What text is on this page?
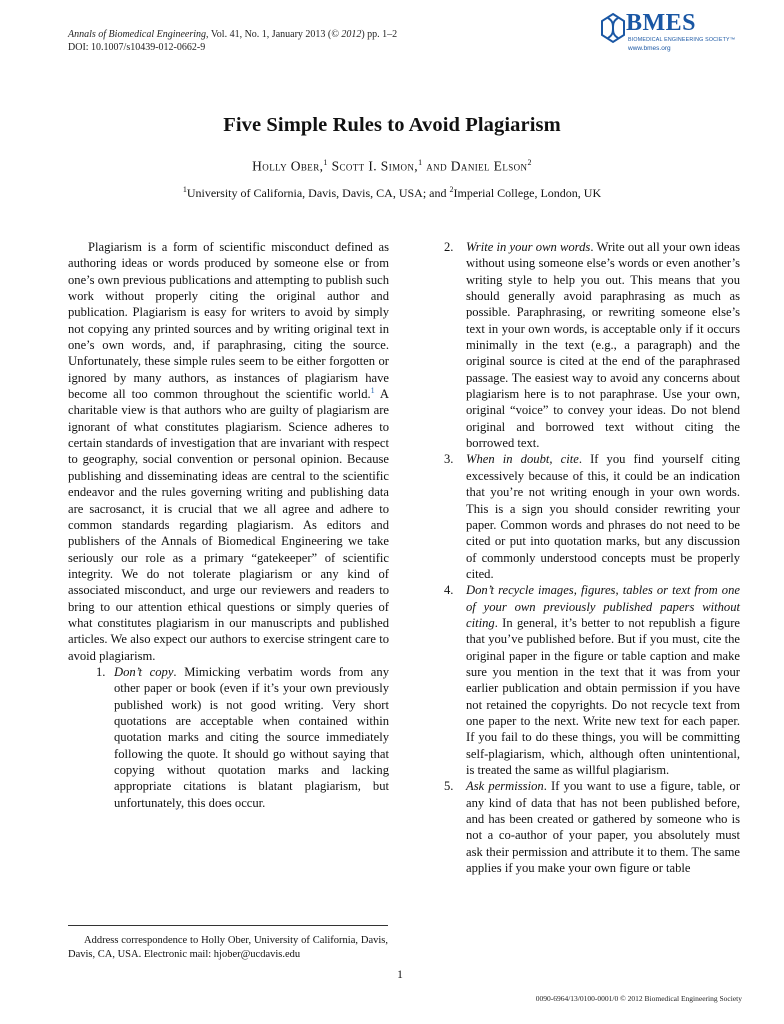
Annals of Biomedical Engineering, Vol. 41, No. 1, January 2013 (© 2012) pp. 1–2
DOI: 10.1007/s10439-012-0662-9
BMES
BIOMEDICAL ENGINEERING SOCIETY™
www.bmes.org
Five Simple Rules to Avoid Plagiarism
Holly Ober,$^1$ Scott I. Simon,$^1$ and Daniel Elson$^2$
$^1$University of California, Davis, Davis, CA, USA; and $^2$Imperial College, London, UK

Plagiarism is a form of scientific misconduct defined as authoring ideas or words produced by someone else or from one’s own previous publications and attempting to publish such work without properly citing the original author and publication. Plagiarism is easy for writers to avoid by simply not copying any printed sources and by writing original text in one’s own words, and, if paraphrasing, citing the source. Unfortunately, these simple rules seem to be either forgotten or ignored by many authors, as instances of plagiarism have become all too common throughout the scientific world.$^1$ A charitable view is that authors who are guilty of plagiarism are ignorant of what constitutes plagiarism. Science adheres to certain standards of investigation that are invariant with respect to geography, social convention or personal opinion. Because publishing and disseminating ideas are central to the scientific endeavor and the rules governing writing and publishing data are sacrosanct, it is crucial that we all agree and adhere to common standards regarding plagiarism. As editors and publishers of the Annals of Biomedical Engineering we take seriously our role as a primary “gatekeeper” of scientific integrity. We do not tolerate plagiarism or any kind of associated misconduct, and urge our reviewers and readers to bring to our attention ethical questions or simply queries of what constitutes plagiarism in our manuscripts and published articles. We also expect our authors to exercise stringent care to avoid plagiarism.

1. Don’t copy. Mimicking verbatim words from any other paper or book (even if it’s your own previously published work) is not good writing. Very short quotations are acceptable when contained within quotation marks and citing the source immediately following the quote. It should go without saying that copying without quotation marks and lacking appropriate citations is blatant plagiarism, but unfortunately, this does occur.
2. Write in your own words. Write out all your own ideas without using someone else’s words or even another’s writing style to help you out. This means that you should generally avoid paraphrasing as much as possible. Paraphrasing, or rewriting someone else’s text in your own words, is acceptable only if it occurs minimally in the text (e.g., a paragraph) and the original source is cited at the end of the paraphrased passage. The easiest way to avoid any concerns about plagiarism here is to not paraphrase. Use your own, original “voice” to convey your ideas. Do not blend original and borrowed text without citing the borrowed text.
3. When in doubt, cite. If you find yourself citing excessively because of this, it could be an indication that you’re not writing enough in your own words. This is a sign you should consider rewriting your paper. Common words and phrases do not need to be cited or put into quotation marks, but any discussion of commonly understood concepts must be properly cited.
4. Don’t recycle images, figures, tables or text from one of your own previously published papers without citing. In general, it’s better to not republish a figure that you’ve published before. But if you must, cite the original paper in the figure or table caption and make sure you mention in the text that it was from your earlier publication and obtain permission if you have not retained the copyrights. Do not recycle text from one paper to the next. Write new text for each paper. If you fail to do these things, you will be committing self-plagiarism, which, although often unintentional, is treated the same as willful plagiarism.
5. Ask permission. If you want to use a figure, table, or any kind of data that has not been published before, and has been created or gathered by someone who is not a co-author of your paper, you absolutely must ask their permission and attribute it to them. The same applies if you make your own figure or table
Address correspondence to Holly Ober, University of California, Davis, Davis, CA, USA. Electronic mail: hjober@ucdavis.edu
1
0090-6964/13/0100-0001/0 © 2012 Biomedical Engineering Society
